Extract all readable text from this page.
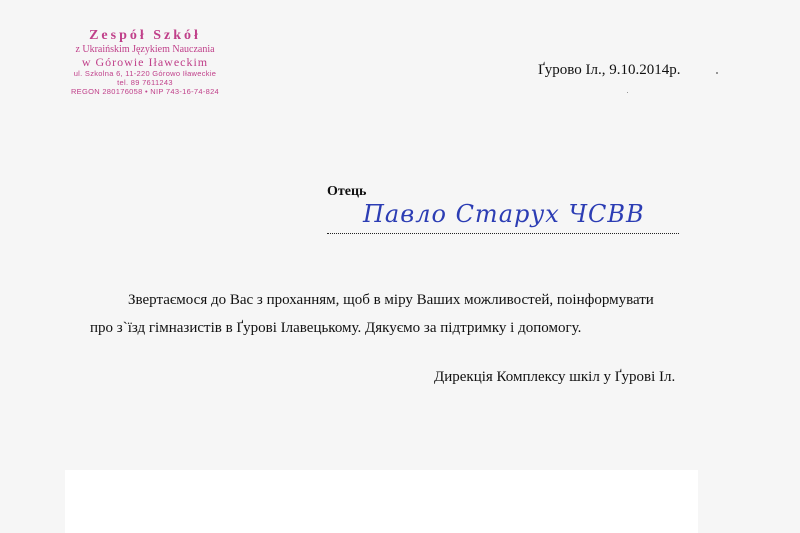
Zespół Szkół
z Ukraińskim Językiem Nauczania
w Górowie Iławeckim
ul. Szkolna 6, 11-220 Górowo Iławeckie
tel. 89 7611243
REGON 280176058 • NIP 743-16-74-824
Ґурово Іл., 9.10.2014р.
Отець
Павло Стаpух ЧСВВ
Звертаємося до Вас з проханням, щоб в міру Ваших можливостей, поінформувати
про з`їзд гімназистів в Ґурові Ілавецькому. Дякуємо за підтримку і допомогу.
Дирекція Комплексу шкіл у Ґурові Іл.
